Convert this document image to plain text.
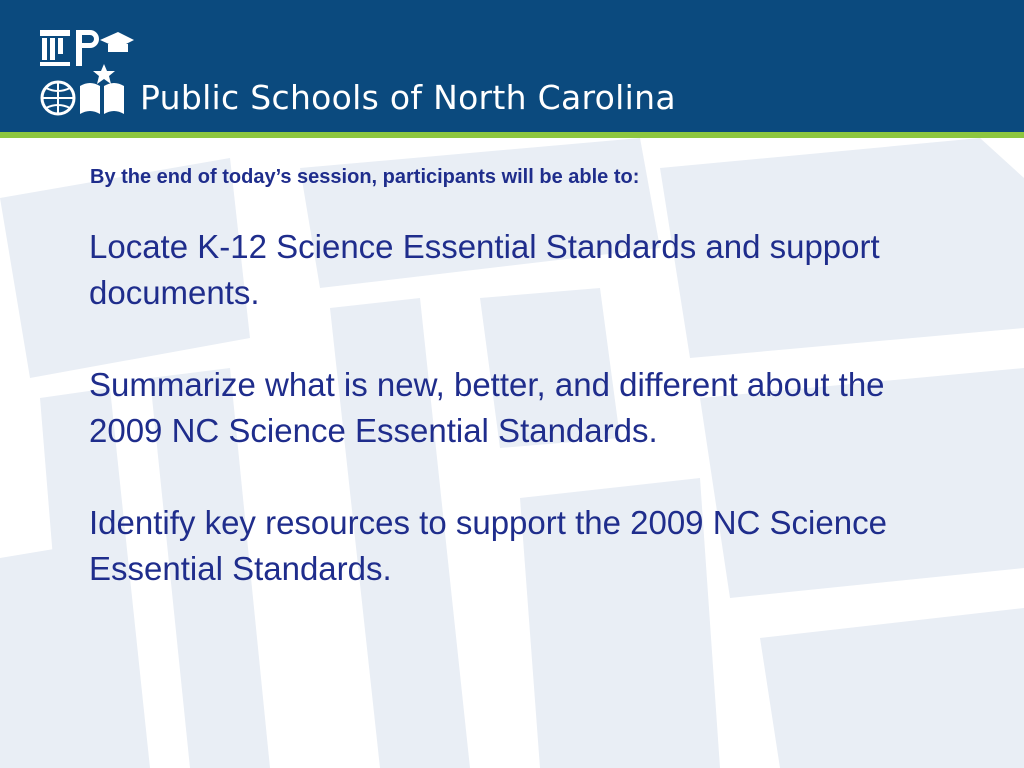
Public Schools of North Carolina
By the end of today’s session, participants will be able to:
Locate K-12 Science Essential Standards and support documents.
Summarize what is new, better, and different about the 2009 NC Science Essential Standards.
Identify key resources to support the 2009 NC Science Essential Standards.
